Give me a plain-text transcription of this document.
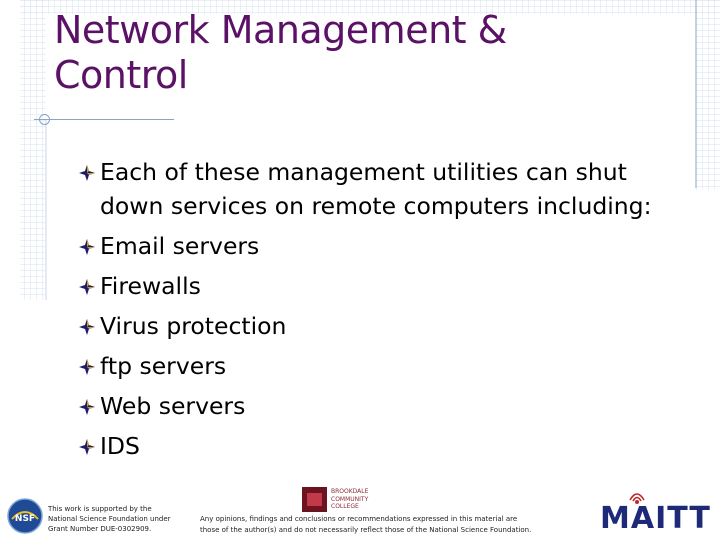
Network Management & Control
Each of these management utilities can shut down services on remote computers including:
Email servers
Firewalls
Virus protection
ftp servers
Web servers
IDS
NSF
This work is supported by the
National Science Foundation under
Grant Number DUE-0302909.
BROOKDALE
COMMUNITY
COLLEGE
Any opinions, findings and conclusions or recommendations expressed in this material are
those of the author(s) and do not necessarily reflect those of the National Science Foundation.	MAITT
